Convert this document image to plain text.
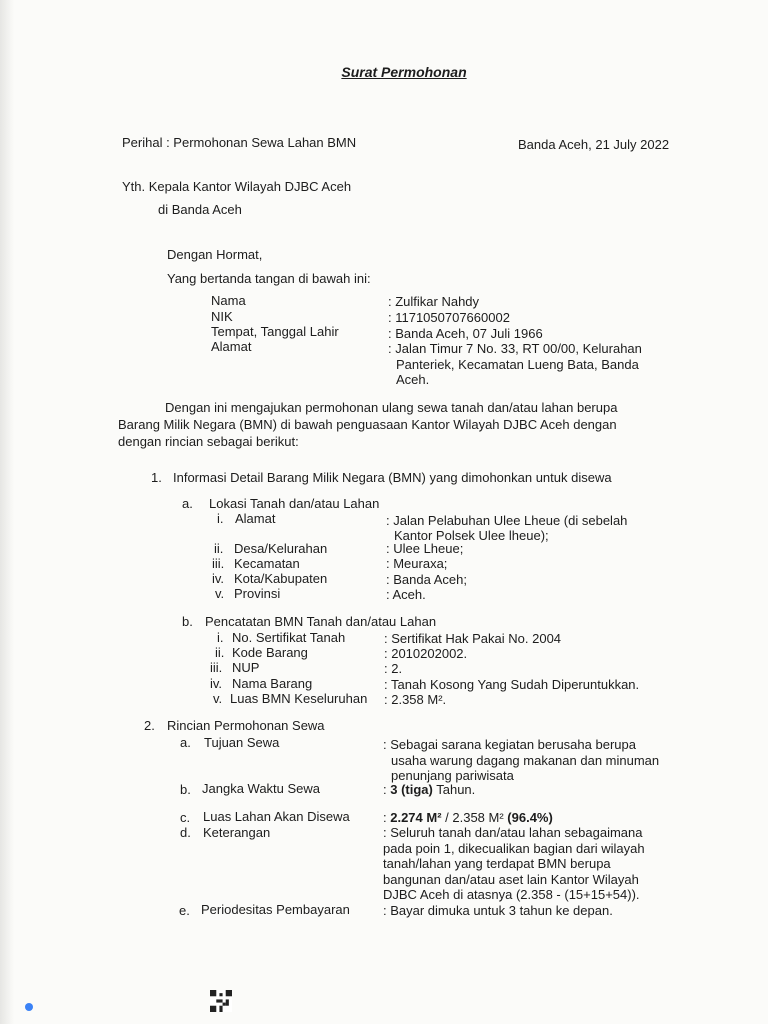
Surat Permohonan
Perihal : Permohonan Sewa Lahan BMN	Banda Aceh, 21 July 2022
Yth. Kepala Kantor Wilayah DJBC Aceh
di Banda Aceh
Dengan Hormat,
Yang bertanda tangan di bawah ini:
Nama	: Zulfikar Nahdy
NIK	: 1171050707660002
Tempat, Tanggal Lahir	: Banda Aceh, 07 Juli 1966
Alamat	: Jalan Timur 7 No. 33, RT 00/00, Kelurahan
Panteriek, Kecamatan Lueng Bata, Banda
Aceh.
Dengan ini mengajukan permohonan ulang sewa tanah dan/atau lahan berupa
Barang Milik Negara (BMN) di bawah penguasaan Kantor Wilayah DJBC Aceh dengan
dengan rincian sebagai berikut:
1. Informasi Detail Barang Milik Negara (BMN) yang dimohonkan untuk disewa
a. Lokasi Tanah dan/atau Lahan
i. Alamat	: Jalan Pelabuhan Ulee Lheue (di sebelah
Kantor Polsek Ulee lheue);
ii. Desa/Kelurahan	: Ulee Lheue;
iii. Kecamatan	: Meuraxa;
iv. Kota/Kabupaten	: Banda Aceh;
v. Provinsi	: Aceh.
b. Pencatatan BMN Tanah dan/atau Lahan
i. No. Sertifikat Tanah	: Sertifikat Hak Pakai No. 2004
ii. Kode Barang	: 2010202002.
iii. NUP	: 2.
iv. Nama Barang	: Tanah Kosong Yang Sudah Diperuntukkan.
v. Luas BMN Keseluruhan : 2.358 M².
2. Rincian Permohonan Sewa
a. Tujuan Sewa	: Sebagai sarana kegiatan berusaha berupa
usaha warung dagang makanan dan minuman
penunjang pariwisata
b. Jangka Waktu Sewa	: 3 (tiga) Tahun.
c. Luas Lahan Akan Disewa	: 2.274 M² / 2.358 M² (96.4%)
d. Keterangan	: Seluruh tanah dan/atau lahan sebagaimana
pada poin 1, dikecualikan bagian dari wilayah
tanah/lahan yang terdapat BMN berupa
bangunan dan/atau aset lain Kantor Wilayah
DJBC Aceh di atasnya (2.358 - (15+15+54)).
e. Periodesitas Pembayaran	: Bayar dimuka untuk 3 tahun ke depan.
